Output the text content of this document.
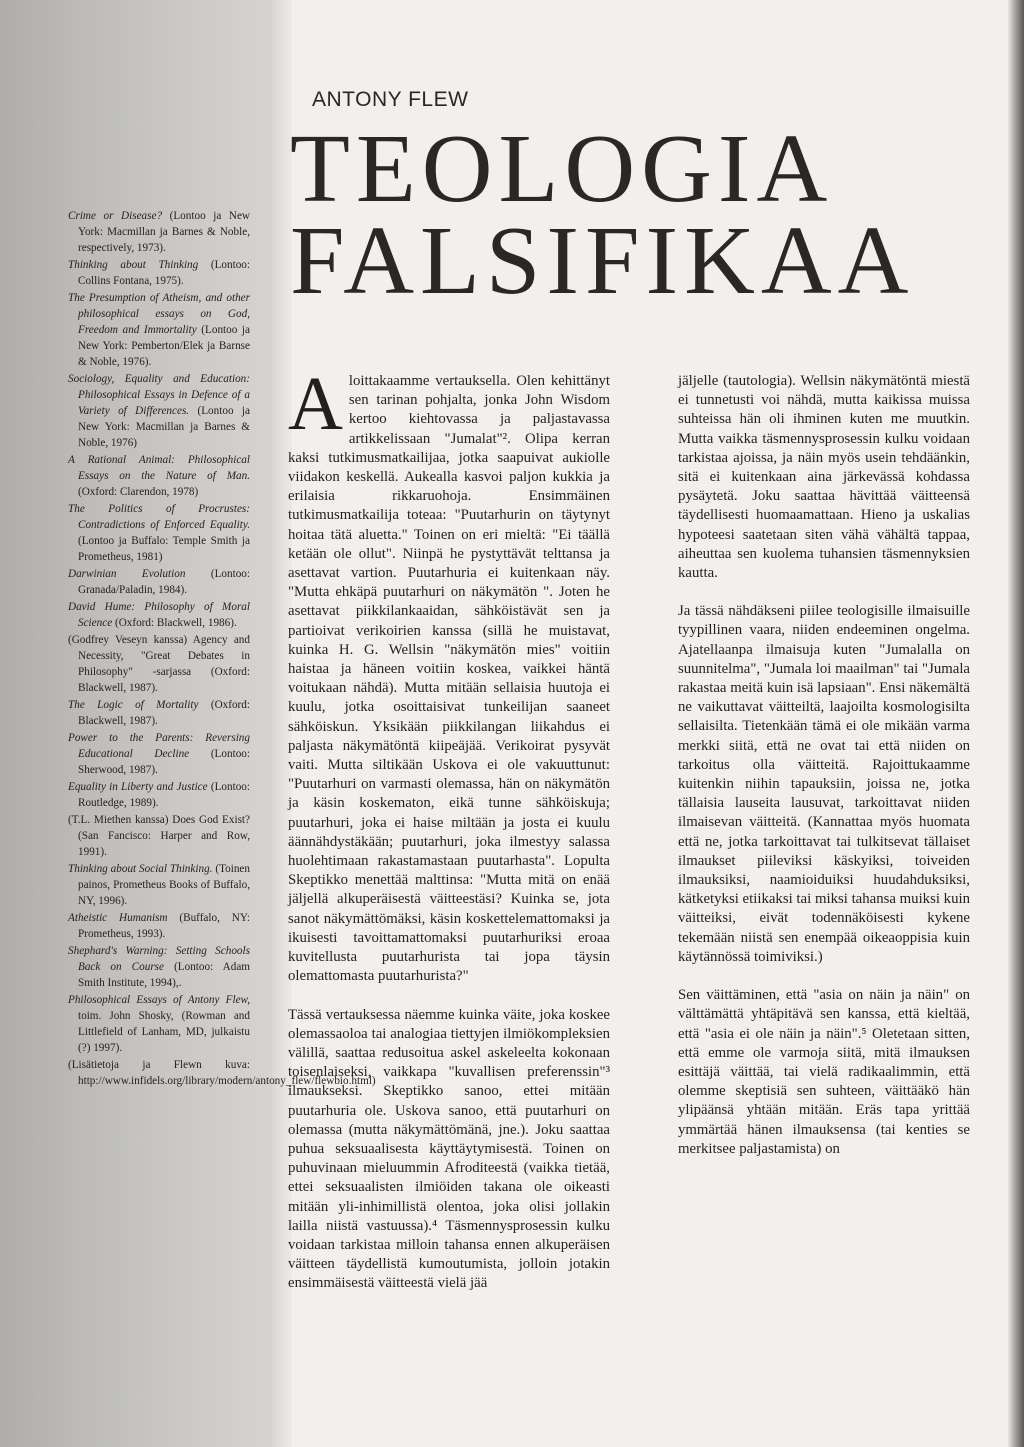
Crime or Disease? (Lontoo ja New York: Macmillan ja Barnes & Noble, respectively, 1973).

Thinking about Thinking (Lontoo: Collins Fontana, 1975).

The Presumption of Atheism, and other philosophical essays on God, Freedom and Immortality (Lontoo ja New York: Pemberton/Elek ja Barnse & Noble, 1976).

Sociology, Equality and Education: Philosophical Essays in Defence of a Variety of Differences. (Lontoo ja New York: Macmillan ja Barnes & Noble, 1976)

A Rational Animal: Philosophical Essays on the Nature of Man. (Oxford: Clarendon, 1978)

The Politics of Procrustes: Contradictions of Enforced Equality. (Lontoo ja Buffalo: Temple Smith ja Prometheus, 1981)

Darwinian Evolution (Lontoo: Granada/Paladin, 1984).

David Hume: Philosophy of Moral Science (Oxford: Blackwell, 1986).

(Godfrey Veseyn kanssa) Agency and Necessity, "Great Debates in Philosophy" -sarjassa (Oxford: Blackwell, 1987).

The Logic of Mortality (Oxford: Blackwell, 1987).

Power to the Parents: Reversing Educational Decline (Lontoo: Sherwood, 1987).

Equality in Liberty and Justice (Lontoo: Routledge, 1989).

(T.L. Miethen kanssa) Does God Exist? (San Fancisco: Harper and Row, 1991).

Thinking about Social Thinking. (Toinen painos, Prometheus Books of Buffalo, NY, 1996).

Atheistic Humanism (Buffalo, NY: Prometheus, 1993).

Shephard's Warning: Setting Schools Back on Course (Lontoo: Adam Smith Institute, 1994),.

Philosophical Essays of Antony Flew, toim. John Shosky, (Rowman and Littlefield of Lanham, MD, julkaistu (?) 1997).

(Lisätietoja ja Flewn kuva: http://www.infidels.org/library/modern/antony_flew/flewbio.html)

ANTONY FLEW
TEOLOGIA
FALSIFIKAA

Aloittakaamme vertauksella. Olen kehittänyt sen tarinan pohjalta, jonka John Wisdom kertoo kiehtovassa ja paljastavassa artikkelissaan "Jumalat"². Olipa kerran kaksi tutkimusmatkailijaa, jotka saapuivat aukiolle viidakon keskellä. Aukealla kasvoi paljon kukkia ja erilaisia rikkaruohoja. Ensimmäinen tutkimusmatkailija toteaa: "Puutarhurin on täytynyt hoitaa tätä aluetta." Toinen on eri mieltä: "Ei täällä ketään ole ollut". Niinpä he pystyttävät telttansa ja asettavat vartion. Puutarhuria ei kuitenkaan näy. "Mutta ehkäpä puutarhuri on näkymätön ". Joten he asettavat piikkilankaaidan, sähköistävät sen ja partioivat verikoirien kanssa (sillä he muistavat, kuinka H. G. Wellsin "näkymätön mies" voitiin haistaa ja häneen voitiin koskea, vaikkei häntä voitukaan nähdä). Mutta mitään sellaisia huutoja ei kuulu, jotka osoittaisivat tunkeilijan saaneet sähköiskun. Yksikään piikkilangan liikahdus ei paljasta näkymätöntä kiipeäjää. Verikoirat pysyvät vaiti. Mutta siltikään Uskova ei ole vakuuttunut: "Puutarhuri on varmasti olemassa, hän on näkymätön ja käsin koskematon, eikä tunne sähköiskuja; puutarhuri, joka ei haise miltään ja josta ei kuulu äännähdystäkään; puutarhuri, joka ilmestyy salassa huolehtimaan rakastamastaan puutarhasta". Lopulta Skeptikko menettää malttinsa: "Mutta mitä on enää jäljellä alkuperäisestä väitteestäsi? Kuinka se, jota sanot näkymättömäksi, käsin koskettelemattomaksi ja ikuisesti tavoittamattomaksi puutarhuriksi eroaa kuvitellusta puutarhurista tai jopa täysin olemattomasta puutarhurista?"

Tässä vertauksessa näemme kuinka väite, joka koskee olemassaoloa tai analogiaa tiettyjen ilmiökompleksien välillä, saattaa redusoitua askel askeleelta kokonaan toisenlaiseksi, vaikkapa "kuvallisen preferenssin"³ ilmaukseksi. Skeptikko sanoo, ettei mitään puutarhuria ole. Uskova sanoo, että puutarhuri on olemassa (mutta näkymättömänä, jne.). Joku saattaa puhua seksuaalisesta käyttäytymisestä. Toinen on puhuvinaan mieluummin Afroditeestä (vaikka tietää, ettei seksuaalisten ilmiöiden takana ole oikeasti mitään yli-inhimillistä olentoa, joka olisi jollakin lailla niistä vastuussa).⁴ Täsmennysprosessin kulku voidaan tarkistaa milloin tahansa ennen alkuperäisen väitteen täydellistä kumoutumista, jolloin jotakin ensimmäisestä väitteestä vielä jää

jäljelle (tautologia). Wellsin näkymätöntä miestä ei tunnetusti voi nähdä, mutta kaikissa muissa suhteissa hän oli ihminen kuten me muutkin. Mutta vaikka täsmennysprosessin kulku voidaan tarkistaa ajoissa, ja näin myös usein tehdäänkin, sitä ei kuitenkaan aina järkevässä kohdassa pysäytetä. Joku saattaa hävittää väitteensä täydellisesti huomaamattaan. Hieno ja uskalias hypoteesi saatetaan siten vähä vähältä tappaa, aiheuttaa sen kuolema tuhansien täsmennyksien kautta.

Ja tässä nähdäkseni piilee teologisille ilmaisuille tyypillinen vaara, niiden endeeminen ongelma. Ajatellaanpa ilmaisuja kuten "Jumalalla on suunnitelma", "Jumala loi maailman" tai "Jumala rakastaa meitä kuin isä lapsiaan". Ensi näkemältä ne vaikuttavat väitteiltä, laajoilta kosmologisilta sellaisilta. Tietenkään tämä ei ole mikään varma merkki siitä, että ne ovat tai että niiden on tarkoitus olla väitteitä. Rajoittukaamme kuitenkin niihin tapauksiin, joissa ne, jotka tällaisia lauseita lausuvat, tarkoittavat niiden ilmaisevan väitteitä. (Kannattaa myös huomata että ne, jotka tarkoittavat tai tulkitsevat tällaiset ilmaukset piileviksi käskyiksi, toiveiden ilmauksiksi, naamioiduiksi huudahduksiksi, kätketyksi etiikaksi tai miksi tahansa muiksi kuin väitteiksi, eivät todennäköisesti kykene tekemään niistä sen enempää oikeaoppisia kuin käytännössä toimiviksi.)

Sen väittäminen, että "asia on näin ja näin" on välttämättä yhtäpitävä sen kanssa, että kieltää, että "asia ei ole näin ja näin".⁵ Oletetaan sitten, että emme ole varmoja siitä, mitä ilmauksen esittäjä väittää, tai vielä radikaalimmin, että olemme skeptisiä sen suhteen, väittääkö hän ylipäänsä yhtään mitään. Eräs tapa yrittää ymmärtää hänen ilmauksensa (tai kenties se merkitsee paljastamista) on
